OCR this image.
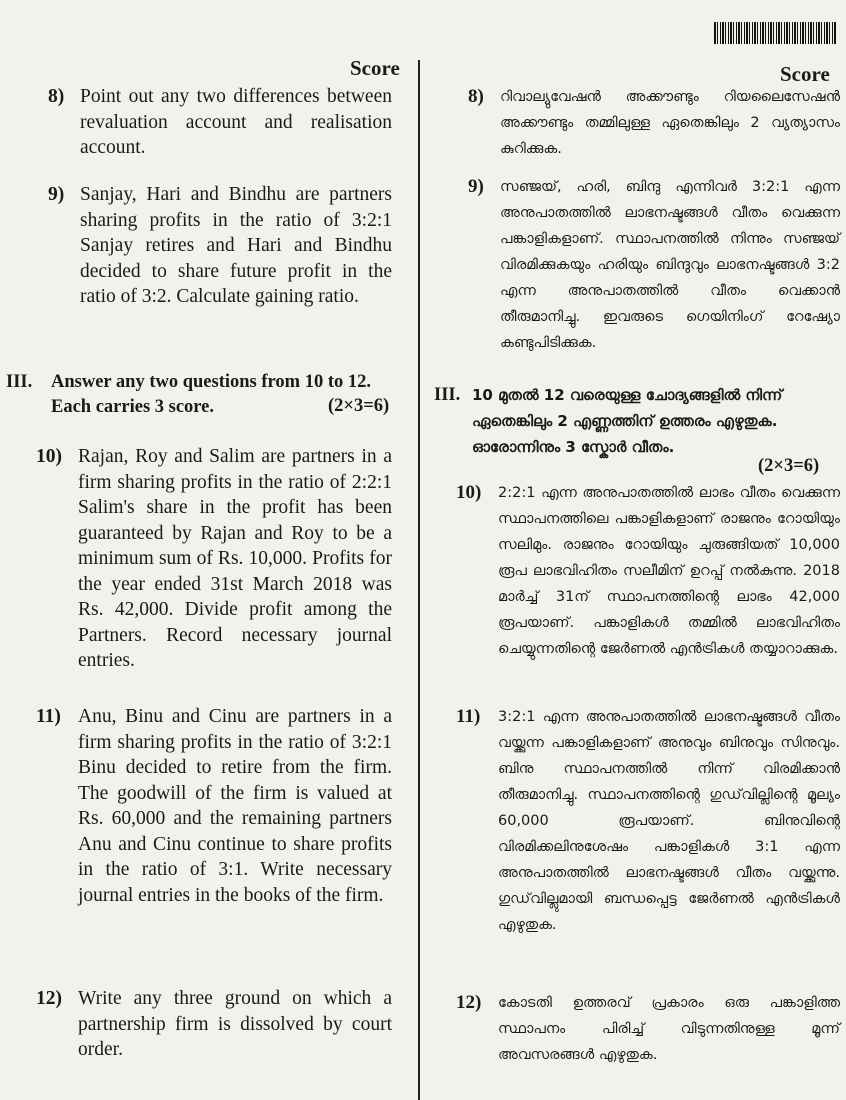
Score
8) Point out any two differences between revaluation account and realisation account.
9) Sanjay, Hari and Bindhu are partners sharing profits in the ratio of 3:2:1 Sanjay retires and Hari and Bindhu decided to share future profit in the ratio of 3:2. Calculate gaining ratio.
III. Answer any two questions from 10 to 12. Each carries 3 score.	(2×3=6)
10) Rajan, Roy and Salim are partners in a firm sharing profits in the ratio of 2:2:1 Salim's share in the profit has been guaranteed by Rajan and Roy to be a minimum sum of Rs. 10,000. Profits for the year ended 31st March 2018 was Rs. 42,000. Divide profit among the Partners. Record necessary journal entries.
11) Anu, Binu and Cinu are partners in a firm sharing profits in the ratio of 3:2:1 Binu decided to retire from the firm. The goodwill of the firm is valued at Rs. 60,000 and the remaining partners Anu and Cinu continue to share profits in the ratio of 3:1. Write necessary journal entries in the books of the firm.
12) Write any three ground on which a partnership firm is dissolved by court order.
Score
8) റിവാല്യുവേഷൻ അക്കൗണ്ടും റിയലൈസേഷൻ അക്കൗണ്ടും തമ്മിലുള്ള ഏതെങ്കിലും 2 വ്യത്യാസം കുറിക്കുക.
9) സഞ്ജയ്, ഹരി, ബിന്ദു എന്നിവർ 3:2:1 എന്ന അനുപാതത്തിൽ ലാഭനഷ്ടങ്ങൾ വീതം വെക്കുന്ന പങ്കാളികളാണ്. സ്ഥാപനത്തിൽ നിന്നും സഞ്ജയ് വിരമിക്കുകയും ഹരിയും ബിന്ദുവും ലാഭനഷ്ടങ്ങൾ 3:2 എന്ന അനുപാതത്തിൽ വീതം വെക്കാൻ തീരുമാനിച്ചു. ഇവരുടെ ഗെയിനിംഗ് റേഷ്യോ കണ്ടുപിടിക്കുക.
III. 10 മുതൽ 12 വരെയുള്ള ചോദ്യങ്ങളിൽ നിന്ന് ഏതെങ്കിലും 2 എണ്ണത്തിന് ഉത്തരം എഴുതുക. ഓരോന്നിനും 3 സ്കോർ വീതം.
(2×3=6)
10) 2:2:1 എന്ന അനുപാതത്തിൽ ലാഭം വീതം വെക്കുന്ന സ്ഥാപനത്തിലെ പങ്കാളികളാണ് രാജനും റോയിയും സലിമും. രാജനും റോയിയും ചുരുങ്ങിയത് 10,000 രൂപ ലാഭവിഹിതം സലീമിന് ഉറപ്പ് നൽകുന്നു. 2018 മാർച്ച് 31ന് സ്ഥാപനത്തിന്റെ ലാഭം 42,000 രൂപയാണ്. പങ്കാളികൾ തമ്മിൽ ലാഭവിഹിതം ചെയ്യുന്നതിന്റെ ജേർണൽ എൻട്രികൾ തയ്യാറാക്കുക.
11) 3:2:1 എന്ന അനുപാതത്തിൽ ലാഭനഷ്ടങ്ങൾ വീതം വയ്ക്കുന്ന പങ്കാളികളാണ് അനുവും ബിനുവും സിനുവും. ബിനു സ്ഥാപനത്തിൽ നിന്ന് വിരമിക്കാൻ തീരുമാനിച്ചു. സ്ഥാപനത്തിന്റെ ഗുഡ്‌വില്ലിന്റെ മൂല്യം 60,000 രൂപയാണ്. ബിനുവിന്റെ വിരമിക്കലിനുശേഷം പങ്കാളികൾ 3:1 എന്ന അനുപാതത്തിൽ ലാഭനഷ്ടങ്ങൾ വീതം വയ്ക്കുന്നു. ഗുഡ്‌വില്ലുമായി ബന്ധപ്പെട്ട ജേർണൽ എൻട്രികൾ എഴുതുക.
12) കോടതി ഉത്തരവ് പ്രകാരം ഒരു പങ്കാളിത്ത സ്ഥാപനം പിരിച്ച് വിടുന്നതിനുള്ള മൂന്ന് അവസരങ്ങൾ എഴുതുക.
